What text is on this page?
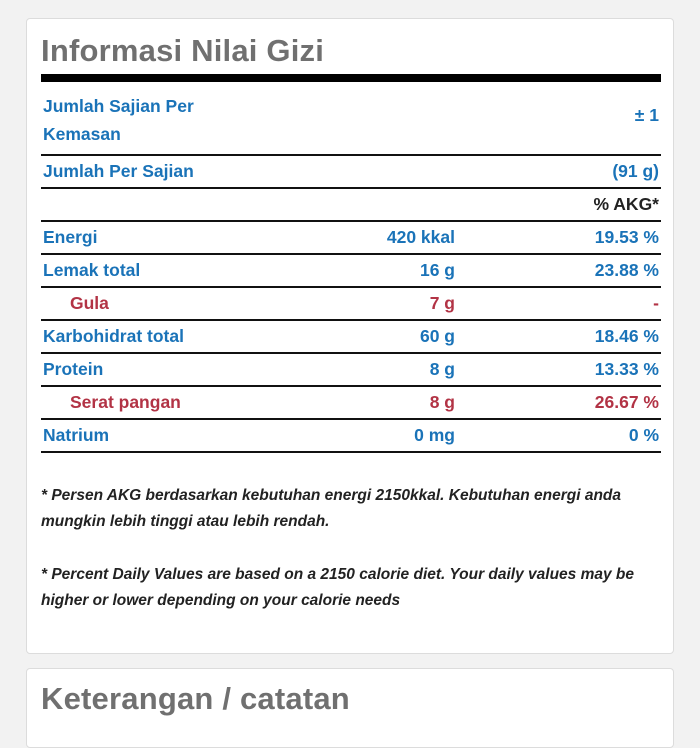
Informasi Nilai Gizi
Jumlah Sajian Per Kemasan
± 1
Jumlah Per Sajian	(91 g)
% AKG*
Energi	420 kkal	19.53 %
Lemak total	16 g	23.88 %
Gula	7 g	-
Karbohidrat total	60 g	18.46 %
Protein	8 g	13.33 %
Serat pangan	8 g	26.67 %
Natrium	0 mg	0 %
* Persen AKG berdasarkan kebutuhan energi 2150kkal. Kebutuhan energi anda mungkin lebih tinggi atau lebih rendah.
* Percent Daily Values are based on a 2150 calorie diet. Your daily values may be higher or lower depending on your calorie needs
Keterangan / catatan
